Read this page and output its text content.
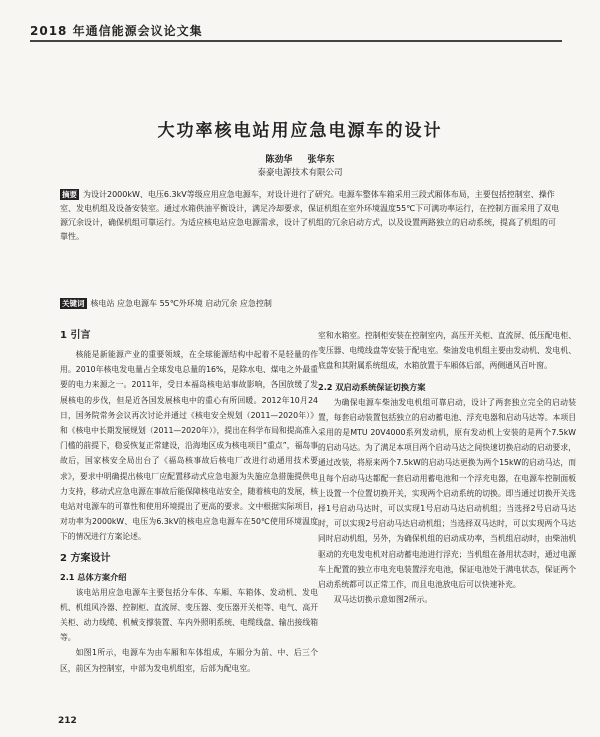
2018 年通信能源会议论文集
大功率核电站用应急电源车的设计
陈劲华 张华东
泰豪电源技术有限公司
摘要 为设计2000kW、电压6.3kV等级应用应急电源车，对设计进行了研究。电源车整体车箱采用三段式厢体布局，主要包括控制室、操作室、发电机组及设备安装室。通过水箱供油平衡设计，满足冷却要求，保证机组在室外环境温度55℃下可满功率运行，在控制方面采用了双电源冗余设计，确保机组可靠运行。为适应核电站应急电源需求，设计了机组的冗余启动方式，以及设置两路独立的启动系统，提高了机组的可靠性。
关键词 核电站 应急电源车 55℃外环境 启动冗余 应急控制
1 引言

核能是新能源产业的重要领域，在全球能源结构中起着不是轻量的作用。2010年核电发电量占全球发电总量的16%，是除水电、煤电之外最重要的电力来源之一。2011年，受日本福岛核电站事故影响，各国放缓了发展核电的步伐，但是近各国发展核电中的重心有所回暖。2012年10月24日，国务院常务会议再次讨论并通过《核电安全规划（2011—2020年）》和《核电中长期发展规划（2011—2020年）》，提出在科学布局和提高准入门槛的前提下，稳妥恢复正常建设，沿海地区成为核电项目“重点”，福岛事故后，国家核安全局出台了《福岛核事故后核电厂改进行动通用技术要求》，要求中明确提出核电厂应配置移动式应急电源为失施应急措施提供电力支持，移动式应急电源在事故后能保障核电站安全，随着核电的发展，核电站对电源车的可靠性和使用环境提出了更高的要求。文中根据实际项目，对功率为2000kW、电压为6.3kV的核电应急电源车在50℃使用环境温度下的情况进行方案论述。

2 方案设计
2.1 总体方案介绍

该电站用应急电源车主要包括分车体、车厢、车箱体、发动机、发电机、机组风冷器、控制柜、直流屏、变压器、变压器开关柜等、电气、高开关柜、动力线缆、机械支撑装置、车内外照明系统、电缆线盘、输出接线箱等。

如图1所示，电源车为由车厢和车体组成，车厢分为前、中、后三个区，前区为控制室，中部为发电机组室，后部为配电室。

室和水箱室。控制柜安装在控制室内，高压开关柜、直流屏、低压配电柜、变压器、电缆线盘等安装于配电室。柴油发电机组主要由发动机、发电机、底盘和其附属系统组成，水箱放置于车厢体后部，两侧通风百叶窗。

2.2 双启动系统保证切换方案

为确保电源车柴油发电机组可靠启动，设计了两套独立完全的启动装置，每套启动装置包括独立的启动蓄电池、浮充电器和启动马达等。本项目采用的是MTU 20V4000系列发动机，原有发动机上安装的是两个7.5kW的启动马达。为了满足本项目两个启动马达之间快速切换启动的启动要求，通过改装，将原来两个7.5kW的启动马达更换为两个15kW的启动马达，而且每个启动马达都配一套启动用蓄电池和一个浮充电器，在电源车控制面板上设置一个位置切换开关，实现两个启动系统的切换。即当通过切换开关选择1号启动马达时，可以实现1号启动马达启动机组；当选择2号启动马达时，可以实现2号启动马达启动机组；当选择双马达时，可以实现两个马达同时启动机组，另外，为确保机组的启动成功率，当机组启动时，由柴油机驱动的充电发电机对启动蓄电池进行浮充；当机组在备用状态时，通过电源车上配置的独立市电充电装置浮充电池，保证电池处于满电状态，保证两个启动系统都可以正常工作，而且电池放电后可以快速补充。

双马达切换示意如图2所示。

212
